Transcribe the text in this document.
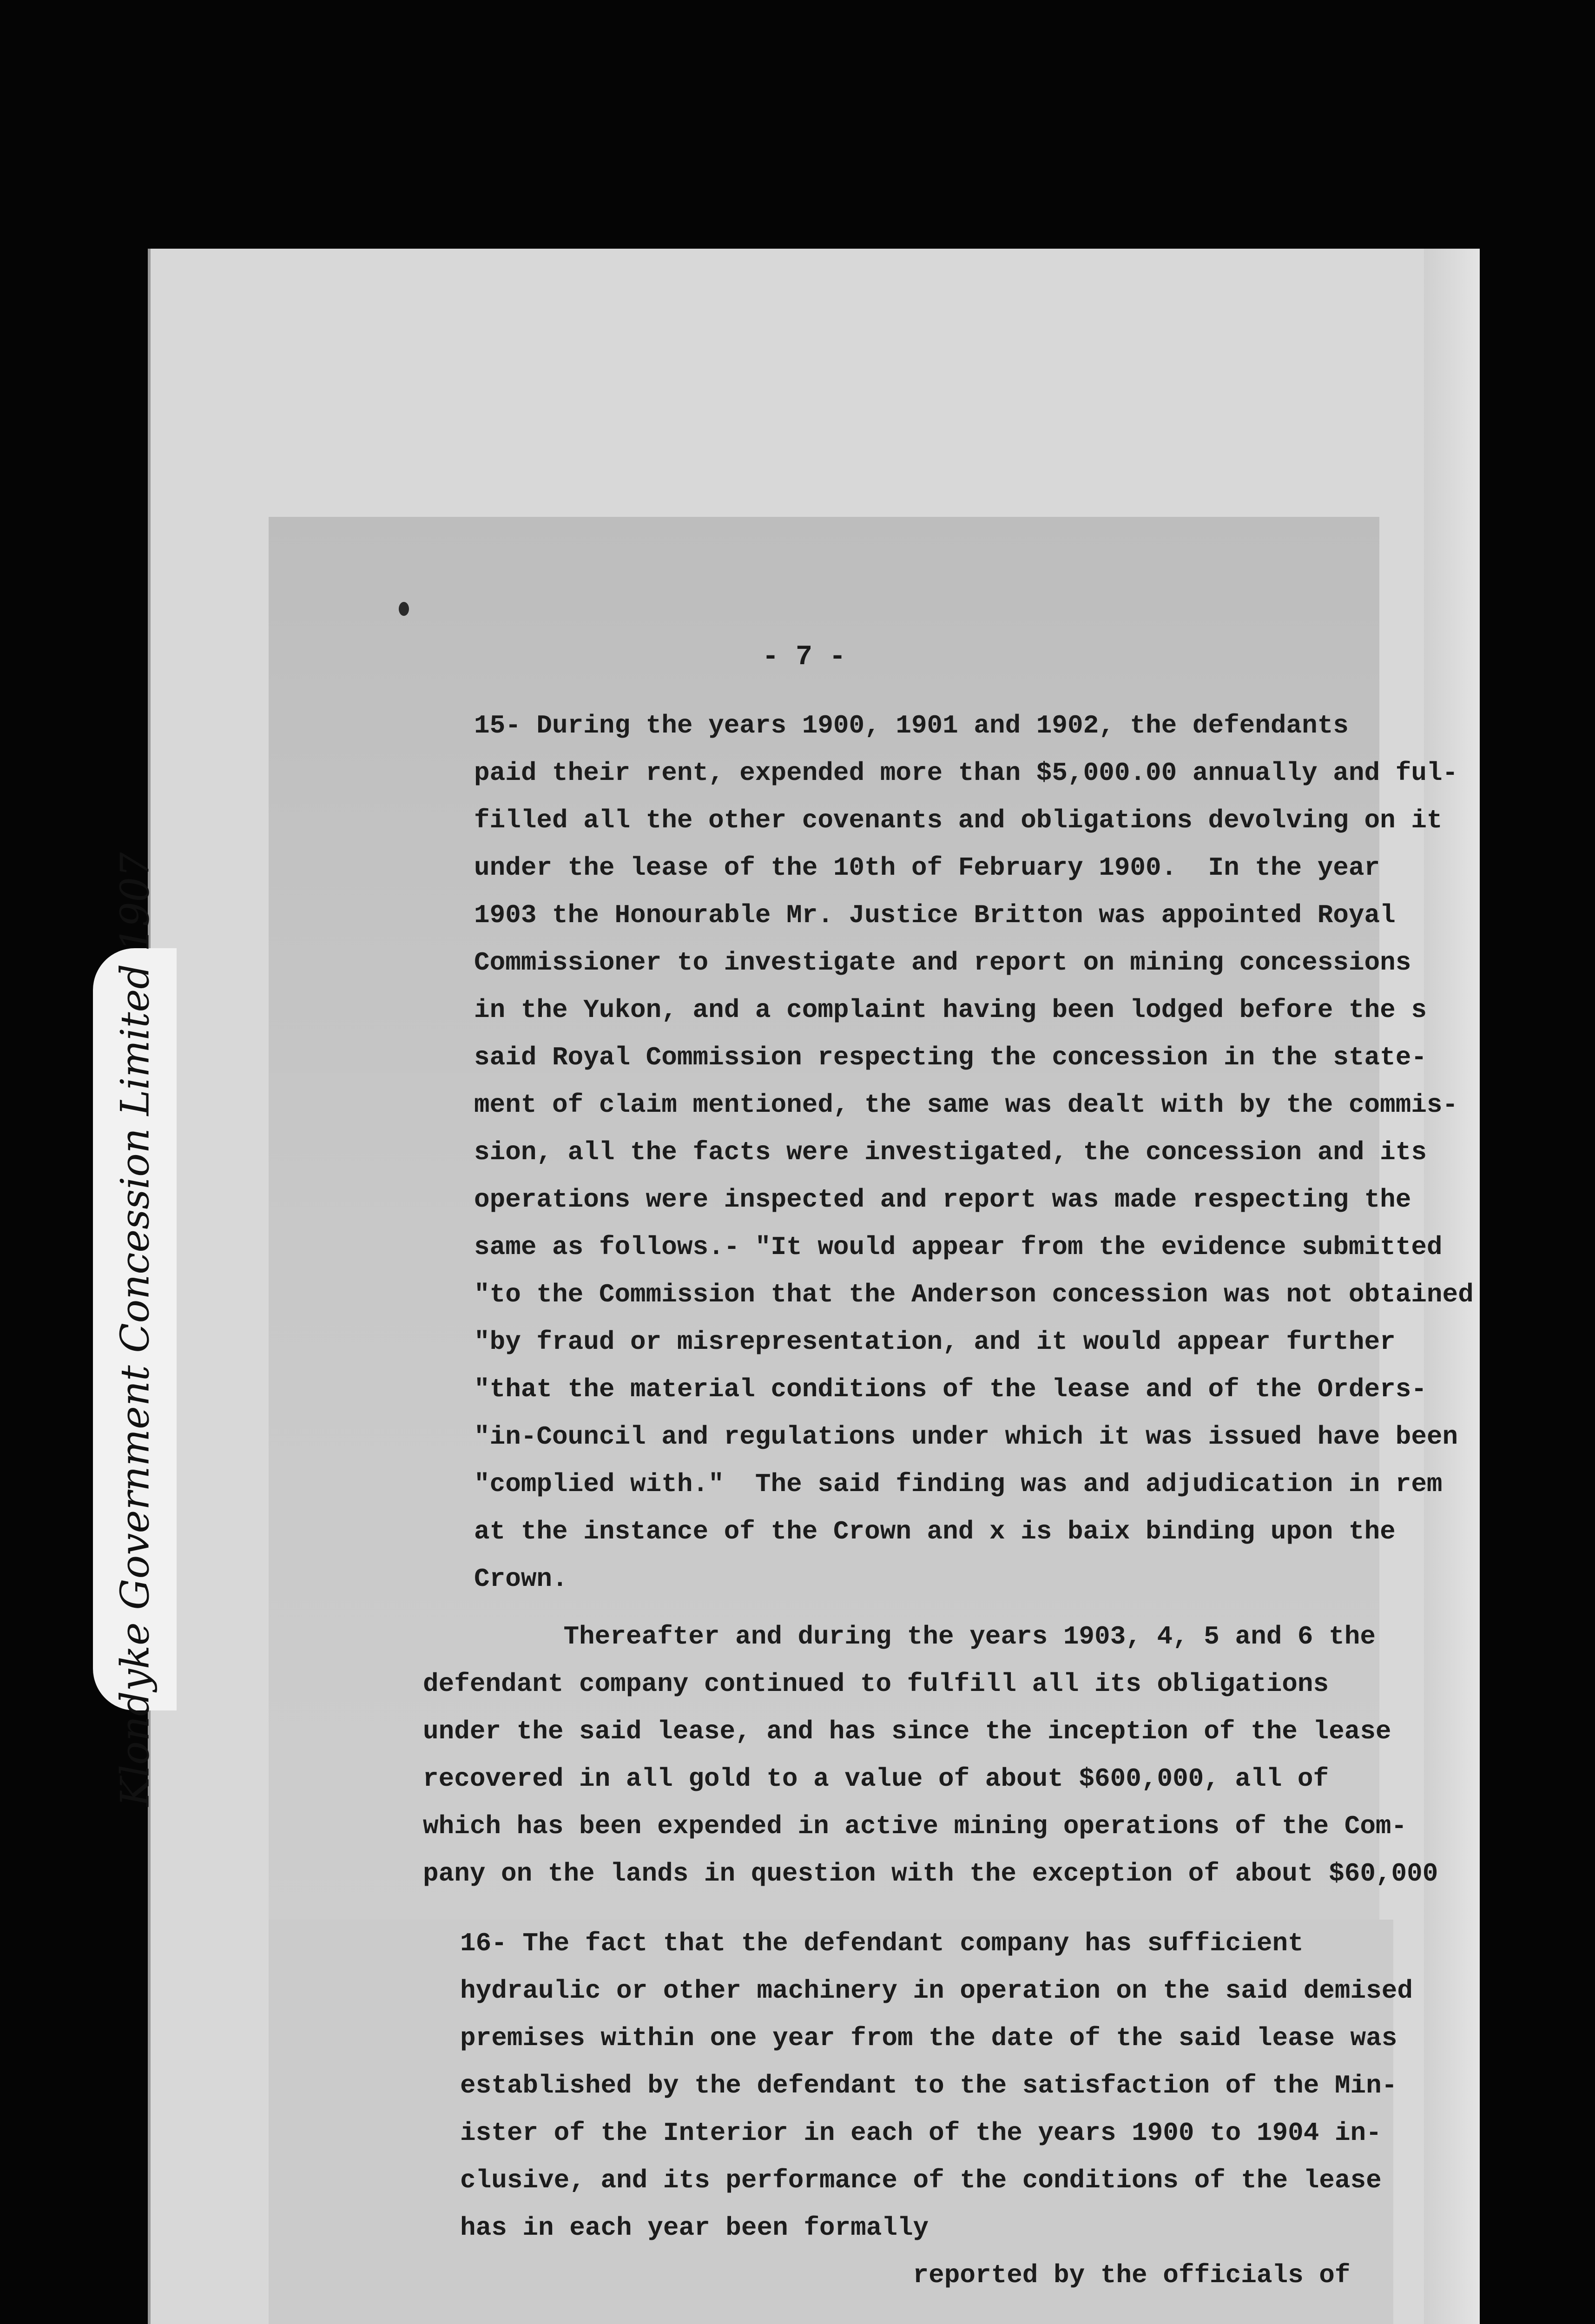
Klondyke Government Concession Limited 1907
- 7 -
15- During the years 1900, 1901 and 1902, the defendants
paid their rent, expended more than $5,000.00 annually and ful-
filled all the other covenants and obligations devolving on it
under the lease of the 10th of February 1900.  In the year
1903 the Honourable Mr. Justice Britton was appointed Royal
Commissioner to investigate and report on mining concessions
in the Yukon, and a complaint having been lodged before the s
said Royal Commission respecting the concession in the state-
ment of claim mentioned, the same was dealt with by the commis-
sion, all the facts were investigated, the concession and its
operations were inspected and report was made respecting the
same as follows.- "It would appear from the evidence submitted
"to the Commission that the Anderson concession was not obtained
"by fraud or misrepresentation, and it would appear further
"that the material conditions of the lease and of the Orders-
"in-Council and regulations under which it was issued have been
"complied with."  The said finding was and adjudication in rem
at the instance of the Crown and x is baix binding upon the
Crown.
Thereafter and during the years 1903, 4, 5 and 6 the
defendant company continued to fulfill all its obligations
under the said lease, and has since the inception of the lease
recovered in all gold to a value of about $600,000, all of
which has been expended in active mining operations of the Com-
pany on the lands in question with the exception of about $60,000
16- The fact that the defendant company has sufficient
hydraulic or other machinery in operation on the said demised
premises within one year from the date of the said lease was
established by the defendant to the satisfaction of the Min-
ister of the Interior in each of the years 1900 to 1904 in-
clusive, and its performance of the conditions of the lease
has in each year been formally
reported by the officials of
